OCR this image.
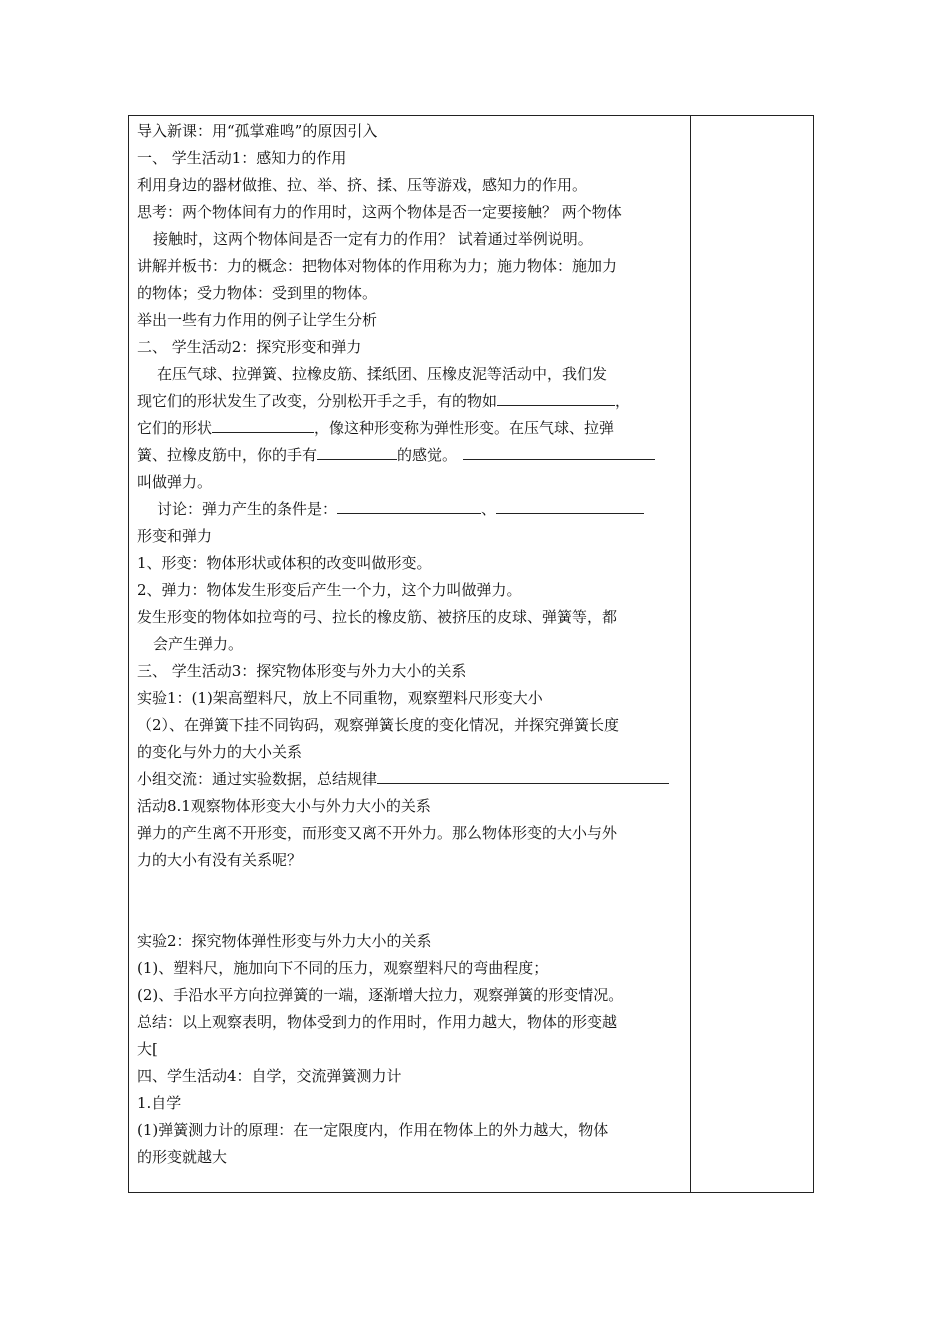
导入新课：用“孤掌难鸣”的原因引入
一、 学生活动1：感知力的作用
利用身边的器材做推、拉、举、挤、揉、压等游戏，感知力的作用。
思考：两个物体间有力的作用时，这两个物体是否一定要接触？ 两个物体
接触时，这两个物体间是否一定有力的作用？ 试着通过举例说明。
讲解并板书：力的概念：把物体对物体的作用称为力；施力物体：施加力
的物体；受力物体：受到里的物体。
举出一些有力作用的例子让学生分析
二、 学生活动2：探究形变和弹力
在压气球、拉弹簧、拉橡皮筋、揉纸团、压橡皮泥等活动中，我们发
现它们的形状发生了改变，分别松开手之手，有的物如	，
它们的形状	，像这种形变称为弹性形变。在压气球、拉弹
簧、拉橡皮筋中，你的手有	的感觉。
叫做弹力。
讨论：弹力产生的条件是：	、
形变和弹力
1、形变：物体形状或体积的改变叫做形变。
2、弹力：物体发生形变后产生一个力，这个力叫做弹力。
发生形变的物体如拉弯的弓、拉长的橡皮筋、被挤压的皮球、弹簧等，都
会产生弹力。
三、 学生活动3：探究物体形变与外力大小的关系
实验1：(1)架高塑料尺，放上不同重物，观察塑料尺形变大小
（2）、在弹簧下挂不同钩码，观察弹簧长度的变化情况，并探究弹簧长度
的变化与外力的大小关系
小组交流：通过实验数据，总结规律
活动8.1观察物体形变大小与外力大小的关系
弹力的产生离不开形变，而形变又离不开外力。那么物体形变的大小与外
力的大小有没有关系呢？
实验2：探究物体弹性形变与外力大小的关系
(1)、塑料尺，施加向下不同的压力，观察塑料尺的弯曲程度；
(2)、手沿水平方向拉弹簧的一端，逐渐增大拉力，观察弹簧的形变情况。
总结：以上观察表明，物体受到力的作用时，作用力越大，物体的形变越
大[
四、学生活动4：自学，交流弹簧测力计
1.自学
(1)弹簧测力计的原理：在一定限度内，作用在物体上的外力越大，物体
的形变就越大
